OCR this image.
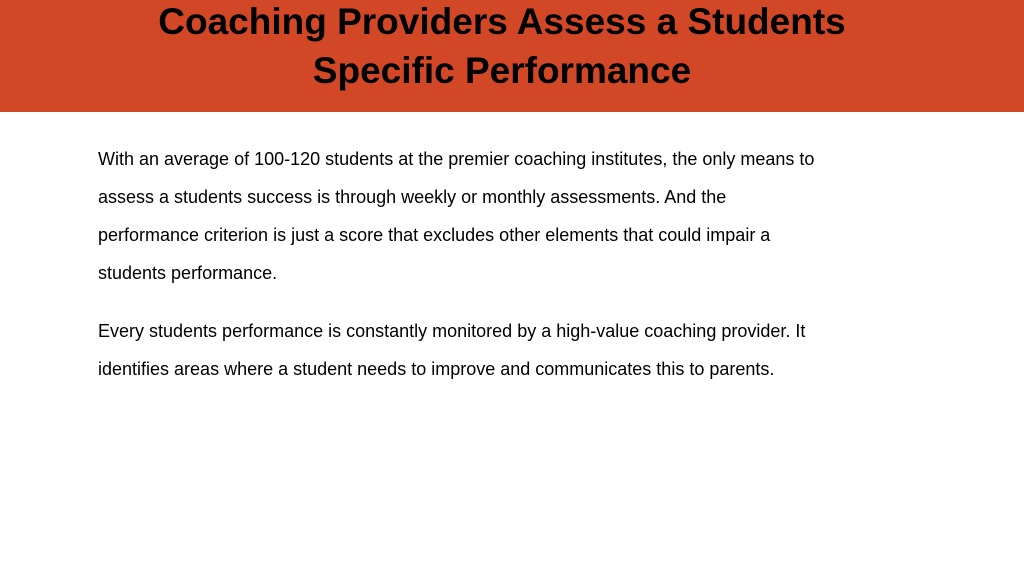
Coaching Providers Assess a Students
Specific Performance

With an average of 100-120 students at the premier coaching institutes, the only means to assess a students success is through weekly or monthly assessments. And the performance criterion is just a score that excludes other elements that could impair a students performance.

Every students performance is constantly monitored by a high-value coaching provider. It identifies areas where a student needs to improve and communicates this to parents.
